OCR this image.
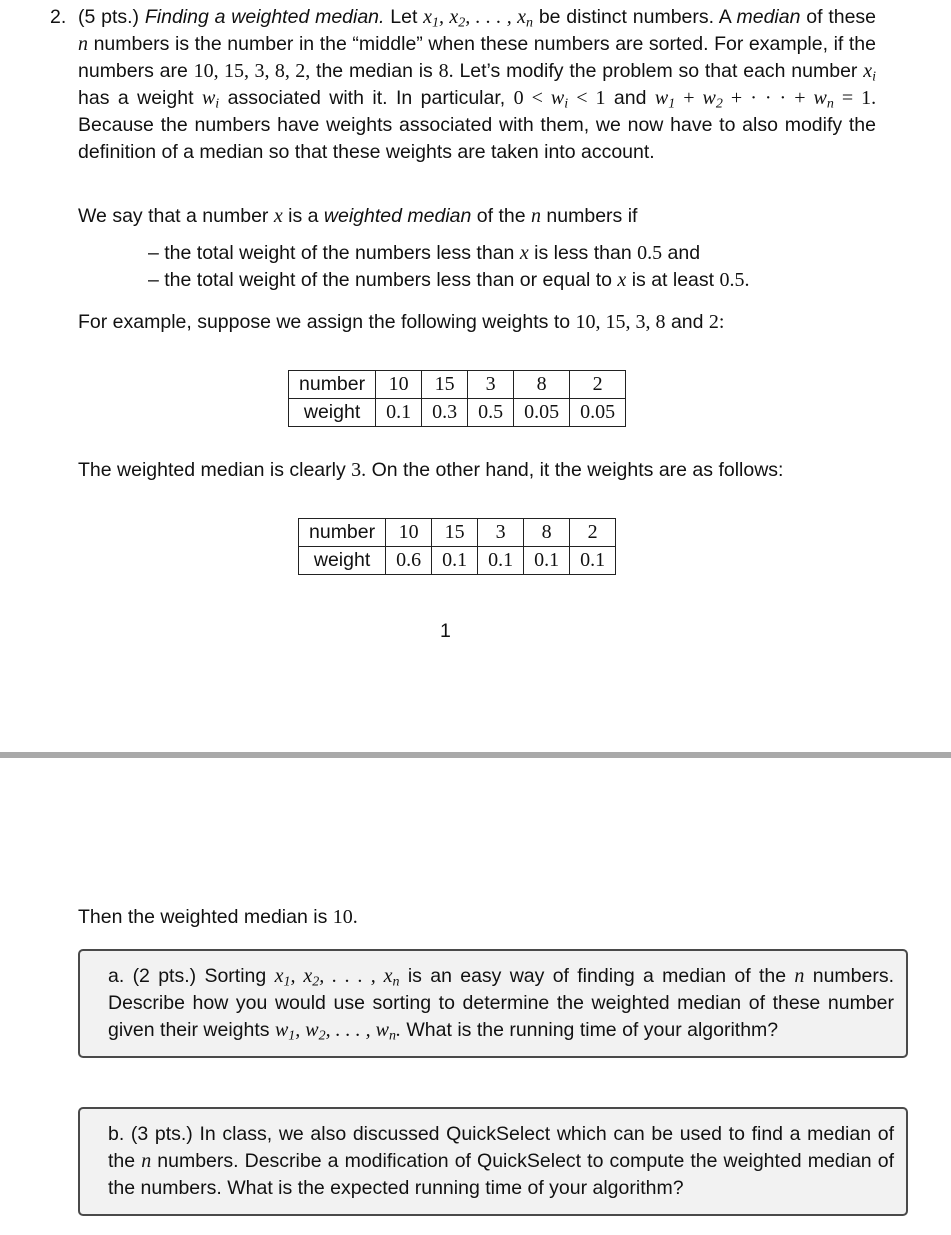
2. (5 pts.) Finding a weighted median. Let $x_1$, $x_2$, . . . , $x_n$ be distinct numbers. A median of these n numbers is the number in the “middle” when these numbers are sorted. For example, if the numbers are 10, 15, 3, 8, 2, the median is 8. Let’s modify the problem so that each number $x_i$ has a weight $w_i$ associated with it. In particular, $0 < w_i < 1$ and $w_1 + w_2$ + · · · + $w_n = 1$. Because the numbers have weights associated with them, we now have to also modify the definition of a median so that these weights are taken into account.

We say that a number x is a weighted median of the n numbers if
– the total weight of the numbers less than x is less than 0.5 and
– the total weight of the numbers less than or equal to x is at least 0.5.
For example, suppose we assign the following weights to 10, 15, 3, 8 and 2:
number	10	15	3	8	2
weight	0.1	0.3	0.5	0.05	0.05
The weighted median is clearly 3. On the other hand, it the weights are as follows:
number	10	15	3	8	2
weight	0.6	0.1	0.1	0.1	0.1
1
Then the weighted median is 10.

a. (2 pts.) Sorting $x_1$, $x_2$, . . . , $x_n$ is an easy way of finding a median of the n numbers. Describe how you would use sorting to determine the weighted median of these number given their weights $w_1$, $w_2$, . . . , $w_n$. What is the running time of your algorithm?

b. (3 pts.) In class, we also discussed QuickSelect which can be used to find a median of the n numbers. Describe a modification of QuickSelect to compute the weighted median of the numbers. What is the expected running time of your algorithm?
